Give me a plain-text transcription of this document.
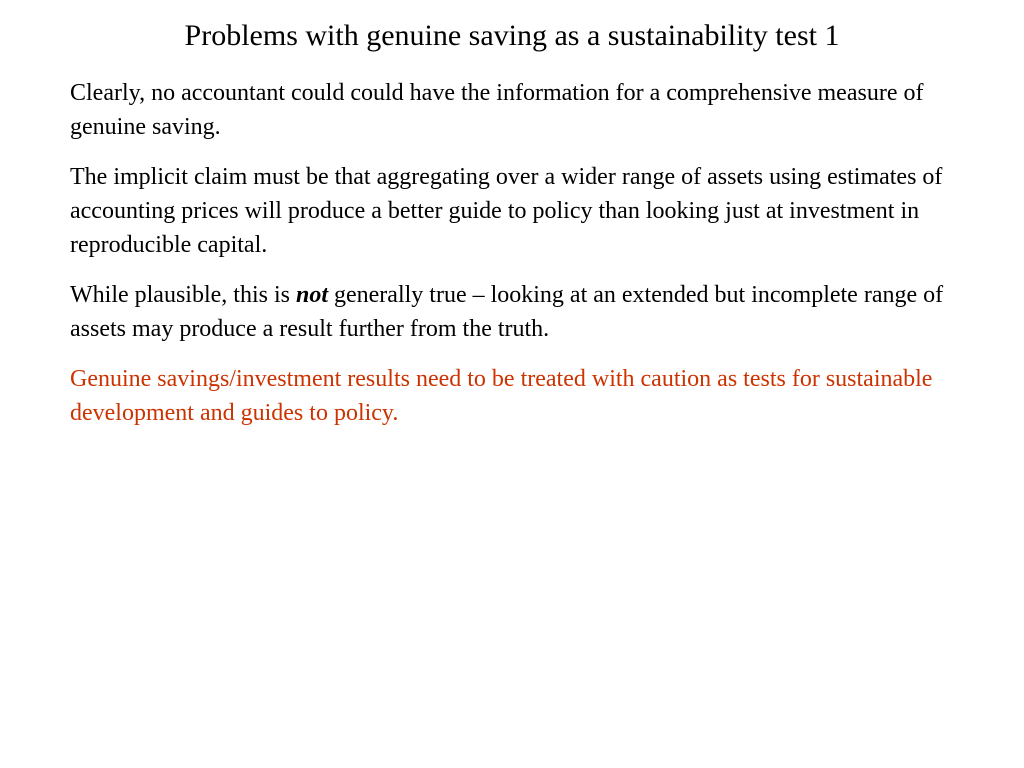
Problems with genuine saving as a sustainability test 1

Clearly, no accountant could could have the information for a comprehensive measure of genuine saving.

The implicit claim must be that aggregating over a wider range of assets using estimates of accounting prices will produce a better guide to policy than looking just at investment in reproducible capital.

While plausible, this is not generally true – looking at an extended but incomplete range of assets may produce a result further from the truth.

Genuine savings/investment results need to be treated with caution as tests for sustainable development and guides to policy.
